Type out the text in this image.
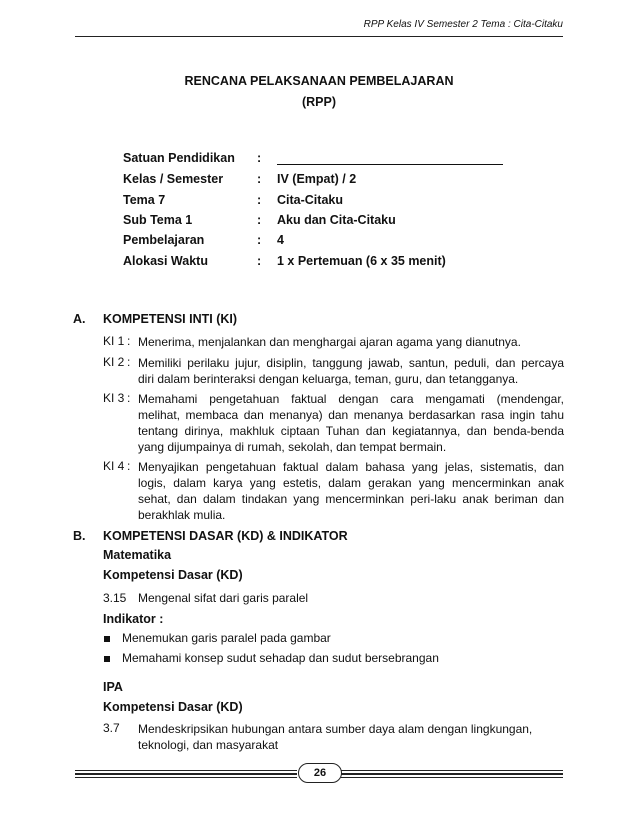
RPP Kelas IV Semester 2 Tema : Cita-Citaku
RENCANA PELAKSANAAN PEMBELAJARAN
(RPP)
Satuan Pendidikan :
Kelas / Semester	: IV (Empat) / 2
Tema 7	: Cita-Citaku
Sub Tema 1	: Aku dan Cita-Citaku
Pembelajaran	: 4
Alokasi Waktu	: 1 x Pertemuan (6 x 35 menit)
A. KOMPETENSI INTI (KI)
KI 1 : Menerima, menjalankan dan menghargai ajaran agama yang dianutnya.
KI 2 : Memiliki perilaku jujur, disiplin, tanggung jawab, santun, peduli, dan percaya
diri dalam berinteraksi dengan keluarga, teman, guru, dan tetangganya.
KI 3 : Memahami pengetahuan faktual dengan cara mengamati (mendengar,
melihat, membaca dan menanya) dan menanya berdasarkan rasa ingin tahu
tentang dirinya, makhluk ciptaan Tuhan dan kegiatannya, dan benda-benda
yang dijumpainya di rumah, sekolah, dan tempat bermain.
KI 4 : Menyajikan pengetahuan faktual dalam bahasa yang jelas, sistematis, dan
logis, dalam karya yang estetis, dalam gerakan yang mencerminkan anak
sehat, dan dalam tindakan yang mencerminkan peri-laku anak beriman dan
berakhlak mulia.
B. KOMPETENSI DASAR (KD) & INDIKATOR
Matematika
Kompetensi Dasar (KD)
3.15 Mengenal sifat dari garis paralel
Indikator :
Menemukan garis paralel pada gambar
Memahami konsep sudut sehadap dan sudut bersebrangan
IPA
Kompetensi Dasar (KD)
3.7 Mendeskripsikan hubungan antara sumber daya alam dengan lingkungan,
teknologi, dan masyarakat
26
